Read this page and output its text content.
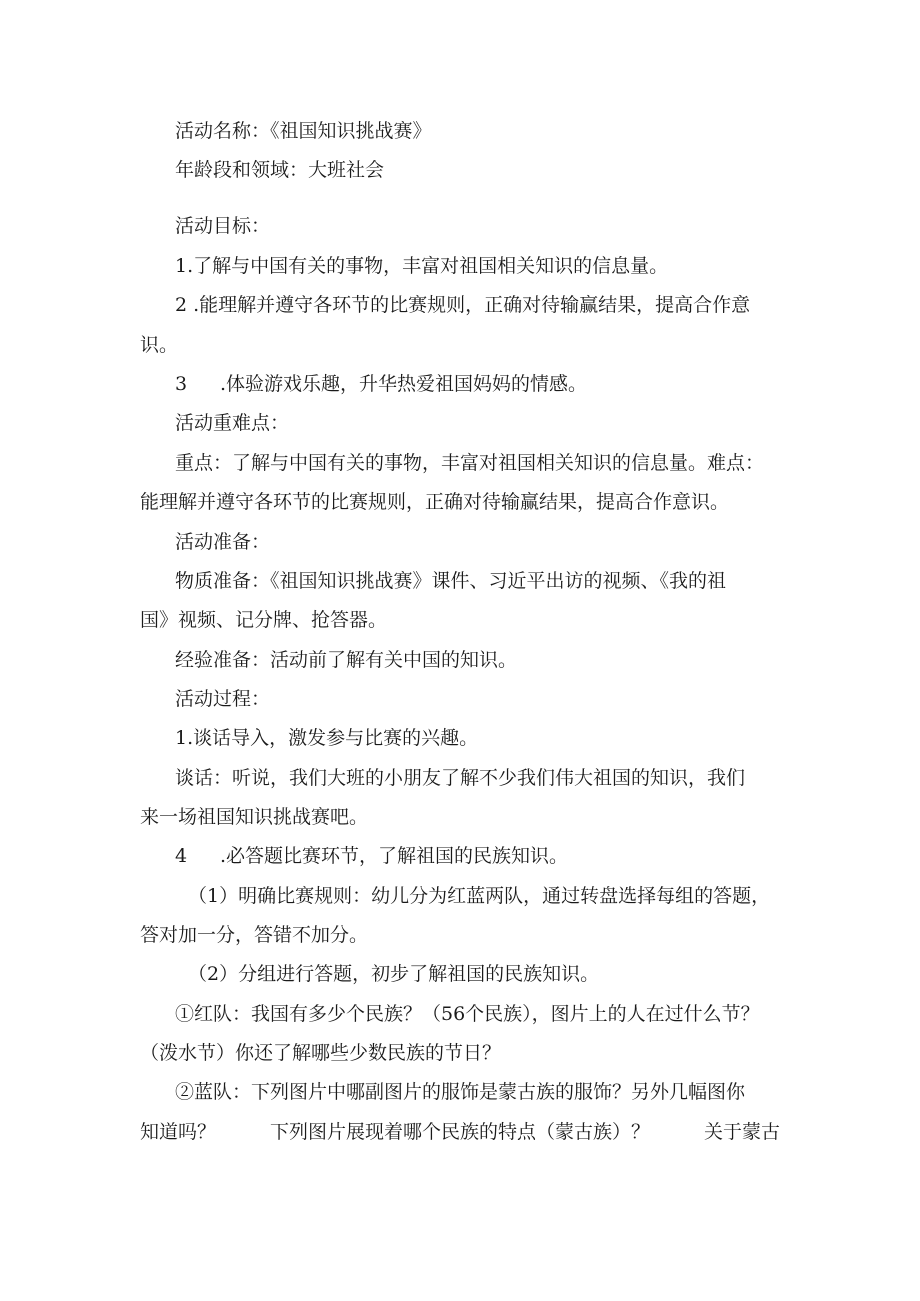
活动名称：《祖国知识挑战赛》
年龄段和领域：大班社会
活动目标：
1.了解与中国有关的事物，丰富对祖国相关知识的信息量。
2 .能理解并遵守各环节的比赛规则，正确对待输赢结果，提高合作意
识。
3 .体验游戏乐趣，升华热爱祖国妈妈的情感。
活动重难点：
重点：了解与中国有关的事物，丰富对祖国相关知识的信息量。难点：
能理解并遵守各环节的比赛规则，正确对待输赢结果，提高合作意识。
活动准备：
物质准备：《祖国知识挑战赛》课件、习近平出访的视频、《我的祖
国》视频、记分牌、抢答器。
经验准备：活动前了解有关中国的知识。
活动过程：
1.谈话导入，激发参与比赛的兴趣。
谈话：听说，我们大班的小朋友了解不少我们伟大祖国的知识，我们
来一场祖国知识挑战赛吧。
4 .必答题比赛环节，了解祖国的民族知识。
（1）明确比赛规则：幼儿分为红蓝两队，通过转盘选择每组的答题，
答对加一分，答错不加分。
（2）分组进行答题，初步了解祖国的民族知识。
①红队：我国有多少个民族？（56个民族），图片上的人在过什么节？
（泼水节）你还了解哪些少数民族的节日？
②蓝队：下列图片中哪副图片的服饰是蒙古族的服饰？另外几幅图你
知道吗？	下列图片展现着哪个民族的特点（蒙古族）？	关于蒙古
